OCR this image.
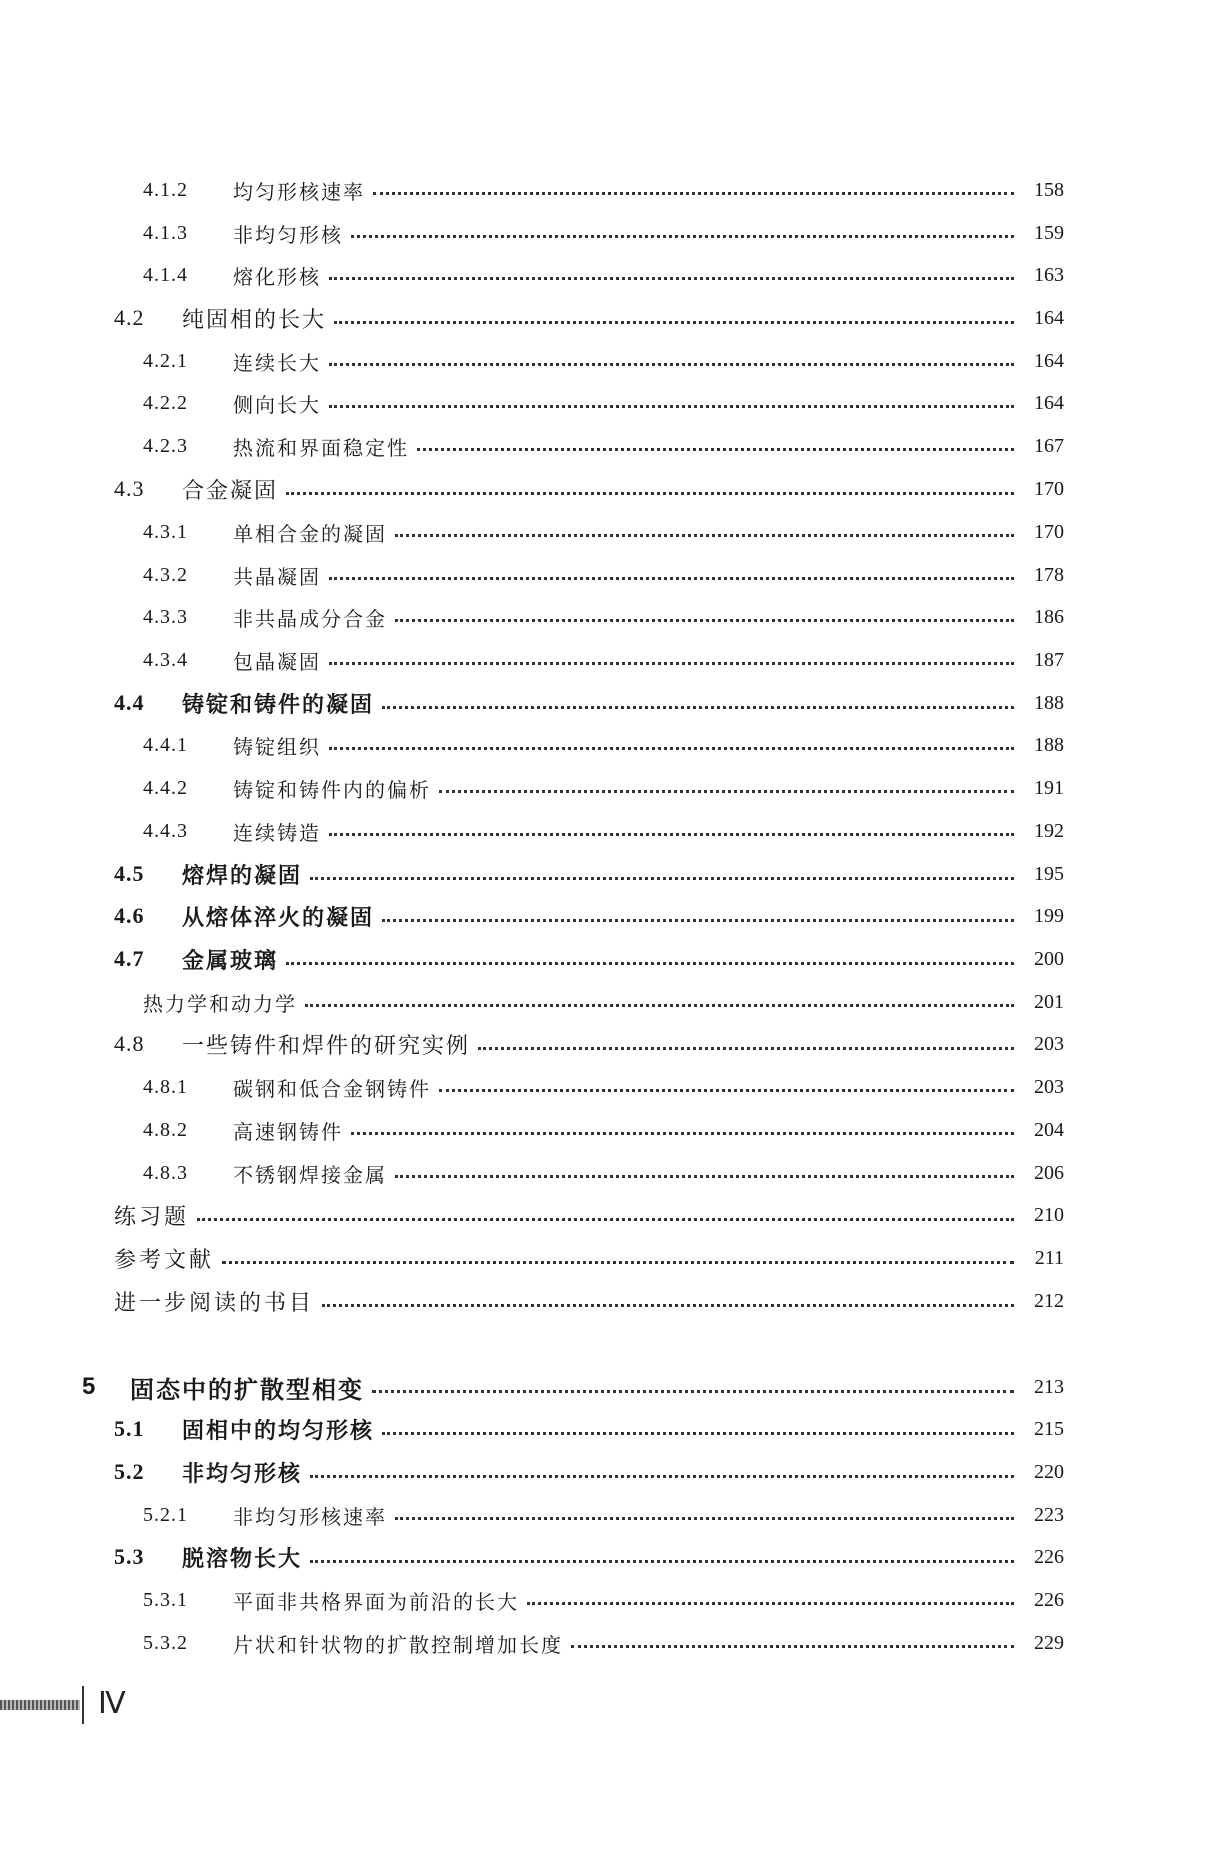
4.1.2	均匀形核速率	158
4.1.3	非均匀形核	159
4.1.4	熔化形核	163
4.2	纯固相的长大	164
4.2.1	连续长大	164
4.2.2	侧向长大	164
4.2.3	热流和界面稳定性	167
4.3	合金凝固	170
4.3.1	单相合金的凝固	170
4.3.2	共晶凝固	178
4.3.3	非共晶成分合金	186
4.3.4	包晶凝固	187
4.4	铸锭和铸件的凝固	188
4.4.1	铸锭组织	188
4.4.2	铸锭和铸件内的偏析	191
4.4.3	连续铸造	192
4.5	熔焊的凝固	195
4.6	从熔体淬火的凝固	199
4.7	金属玻璃	200
热力学和动力学	201
4.8	一些铸件和焊件的研究实例	203
4.8.1	碳钢和低合金钢铸件	203
4.8.2	高速钢铸件	204
4.8.3	不锈钢焊接金属	206
练习题	210
参考文献	211
进一步阅读的书目	212
5	固态中的扩散型相变	213
5.1	固相中的均匀形核	215
5.2	非均匀形核	220
5.2.1	非均匀形核速率	223
5.3	脱溶物长大	226
5.3.1	平面非共格界面为前沿的长大	226
5.3.2	片状和针状物的扩散控制增加长度	229
Ⅳ
